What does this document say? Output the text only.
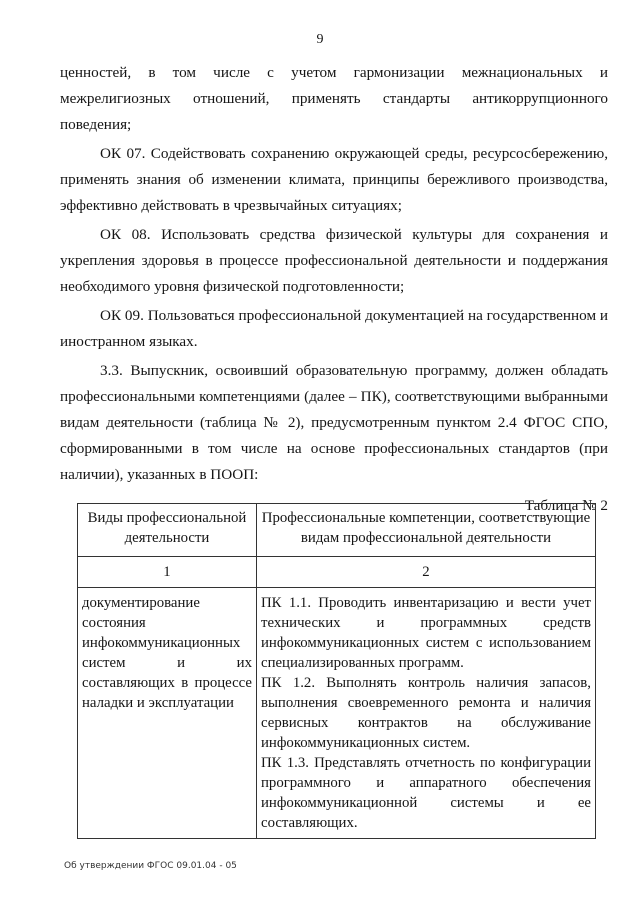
9

ценностей, в том числе с учетом гармонизации межнациональных и межрелигиозных отношений, применять стандарты антикоррупционного поведения;

ОК 07. Содействовать сохранению окружающей среды, ресурсосбережению, применять знания об изменении климата, принципы бережливого производства, эффективно действовать в чрезвычайных ситуациях;

ОК 08. Использовать средства физической культуры для сохранения и укрепления здоровья в процессе профессиональной деятельности и поддержания необходимого уровня физической подготовленности;

ОК 09. Пользоваться профессиональной документацией на государственном и иностранном языках.

3.3. Выпускник, освоивший образовательную программу, должен обладать профессиональными компетенциями (далее – ПК), соответствующими выбранными видам деятельности (таблица № 2), предусмотренным пунктом 2.4 ФГОС СПО, сформированными в том числе на основе профессиональных стандартов (при наличии), указанных в ПООП:

Таблица № 2
Виды профессиональной деятельности	Профессиональные компетенции, соответствующие видам профессиональной деятельности
1	2

документирование состояния инфокоммуникационных систем и их составляющих в процессе наладки и эксплуатации	ПК 1.1. Проводить инвентаризацию и вести учет технических и программных средств инфокоммуникационных систем с использованием специализированных программ.

ПК 1.2. Выполнять контроль наличия запасов, выполнения своевременного ремонта и наличия сервисных контрактов на обслуживание инфокоммуникационных систем.

ПК 1.3. Представлять отчетность по конфигурации программного и аппаратного обеспечения инфокоммуникационной системы и ее составляющих.

Об утверждении ФГОС 09.01.04 - 05
